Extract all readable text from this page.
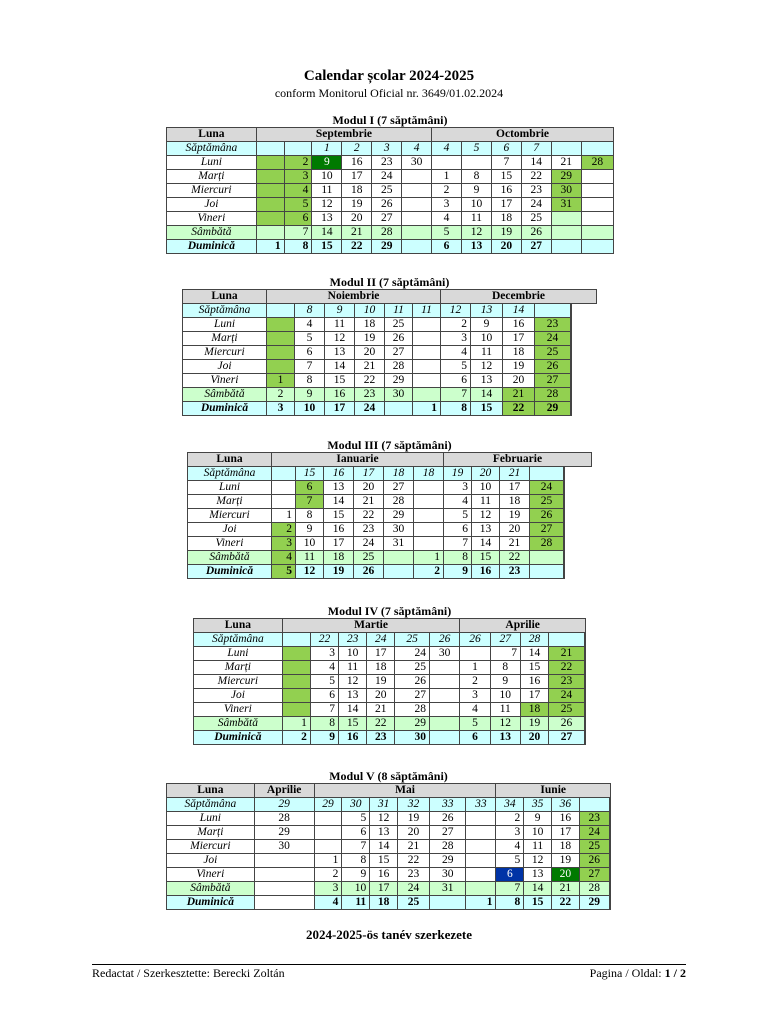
Calendar școlar 2024-2025
conform Monitorul Oficial nr. 3649/01.02.2024
Modul I (7 săptămâni)
Luna	Septembrie						Octombrie					
Săptămâna			1	2	3	4	4	5	6	7		
Luni		2	9	16	23	30			7	14	21	28
Marți		3	10	17	24		1	8	15	22	29	
Miercuri		4	11	18	25		2	9	16	23	30	
Joi		5	12	19	26		3	10	17	24	31	
Vineri		6	13	20	27		4	11	18	25		
Sâmbătă		7	14	21	28		5	12	19	26		
Duminică	1	8	15	22	29		6	13	20	27		
Modul II (7 săptămâni)
Luna	Noiembrie						Decembrie				
Săptămâna		8	9	10	11	11	12	13	14		
Luni		4	11	18	25		2	9	16	23	
Marți		5	12	19	26		3	10	17	24	
Miercuri		6	13	20	27		4	11	18	25	
Joi		7	14	21	28		5	12	19	26	
Vineri	1	8	15	22	29		6	13	20	27	
Sâmbătă	2	9	16	23	30		7	14	21	28	
Duminică	3	10	17	24		1	8	15	22	29	
Modul III (7 săptămâni)
Luna	Ianuarie						Februarie				
Săptămâna		15	16	17	18	18	19	20	21		
Luni		6	13	20	27		3	10	17	24	
Marți		7	14	21	28		4	11	18	25	
Miercuri	1	8	15	22	29		5	12	19	26	
Joi	2	9	16	23	30		6	13	20	27	
Vineri	3	10	17	24	31		7	14	21	28	
Sâmbătă	4	11	18	25		1	8	15	22		
Duminică	5	12	19	26		2	9	16	23		
Modul IV (7 săptămâni)
Luna	Martie						Aprilie				
Săptămâna		22	23	24	25	26	26	27	28		
Luni		3	10	17	24	30		7	14	21	
Marți		4	11	18	25		1	8	15	22	
Miercuri		5	12	19	26		2	9	16	23	
Joi		6	13	20	27		3	10	17	24	
Vineri		7	14	21	28		4	11	18	25	
Sâmbătă	1	8	15	22	29		5	12	19	26	
Duminică	2	9	16	23	30		6	13	20	27	
Modul V (8 săptămâni)
Luna	Aprilie	Mai						Iunie				
Săptămâna	29	29	30	31	32	33	33	34	35	36		
Luni	28		5	12	19	26		2	9	16	23	
Marți	29		6	13	20	27		3	10	17	24	
Miercuri	30		7	14	21	28		4	11	18	25	
Joi		1	8	15	22	29		5	12	19	26	
Vineri		2	9	16	23	30		6	13	20	27	
Sâmbătă		3	10	17	24	31		7	14	21	28	
Duminică		4	11	18	25		1	8	15	22	29	
2024-2025-ös tanév szerkezete
Redactat / Szerkesztette: Berecki Zoltán	Pagina / Oldal: 1 / 2
